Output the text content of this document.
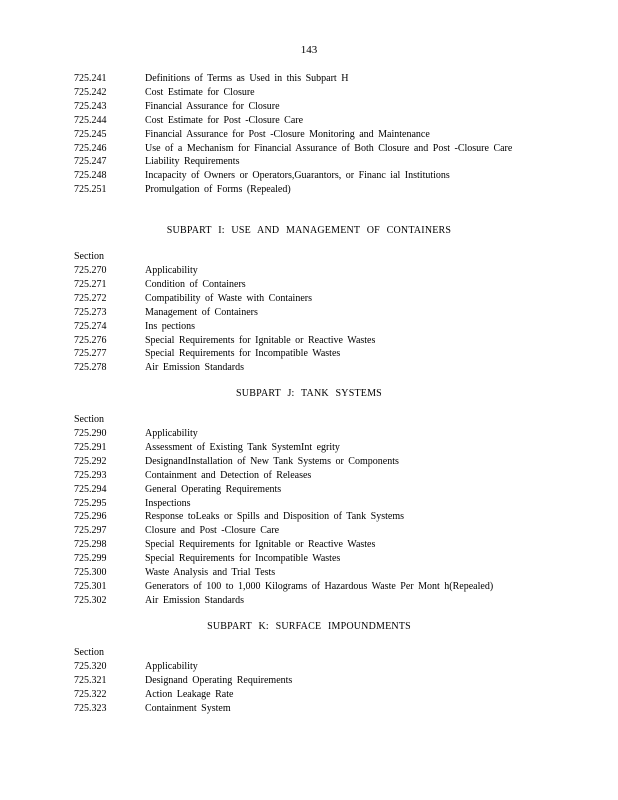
143
725.241	Definitions of Terms as Used in this Subpart H
725.242	Cost Estimate for Closure
725.243	Financial Assurance for Closure
725.244	Cost Estimate for Post -Closure Care
725.245	Financial Assurance for Post -Closure Monitoring and Maintenance
725.246	Use of a Mechanism for Financial Assurance of Both Closure and Post -Closure Care
725.247	Liability Requirements
725.248	Incapacity of Owners or Operators,Guarantors, or Financ ial Institutions
725.251	Promulgation of Forms (Repealed)
SUBPART I: USE AND MANAGEMENT OF CONTAINERS
Section
725.270	Applicability
725.271	Condition of Containers
725.272	Compatibility of Waste with Containers
725.273	Management of Containers
725.274	Ins pections
725.276	Special Requirements for Ignitable or Reactive Wastes
725.277	Special Requirements for Incompatible Wastes
725.278	Air Emission Standards
SUBPART J: TANK SYSTEMS
Section
725.290	Applicability
725.291	Assessment of Existing Tank SystemInt egrity
725.292	DesignandInstallation of New Tank Systems or Components
725.293	Containment and Detection of Releases
725.294	General Operating Requirements
725.295	Inspections
725.296	Response toLeaks or Spills and Disposition of Tank Systems
725.297	Closure and Post -Closure Care
725.298	Special Requirements for Ignitable or Reactive Wastes
725.299	Special Requirements for Incompatible Wastes
725.300	Waste Analysis and Trial Tests
725.301	Generators of 100 to 1,000 Kilograms of Hazardous Waste Per Mont h(Repealed)
725.302	Air Emission Standards
SUBPART K: SURFACE IMPOUNDMENTS
Section
725.320	Applicability
725.321	Designand Operating Requirements
725.322	Action Leakage Rate
725.323	Containment System
